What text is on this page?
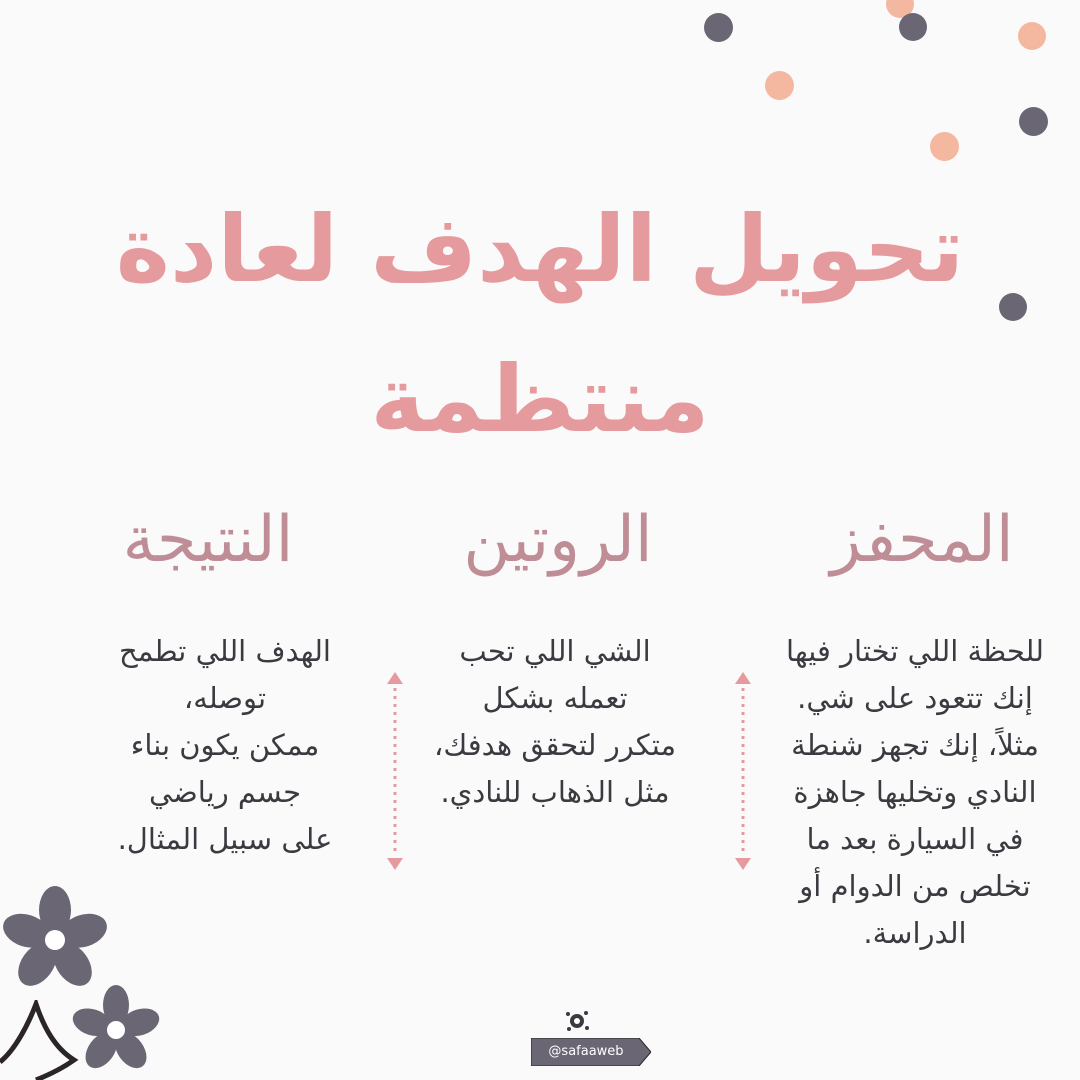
تحويل الهدف لعادة منتظمة
المحفز
الروتين
النتيجة
للحظة اللي تختار فيها
إنك تتعود على شي.
مثلاً، إنك تجهز شنطة
النادي وتخليها جاهزة
في السيارة بعد ما
تخلص من الدوام أو
الدراسة.
الشي اللي تحب
تعمله بشكل
متكرر لتحقق هدفك،
مثل الذهاب للنادي.
الهدف اللي تطمح
توصله،
ممكن يكون بناء
جسم رياضي
على سبيل المثال.
@safaaweb
